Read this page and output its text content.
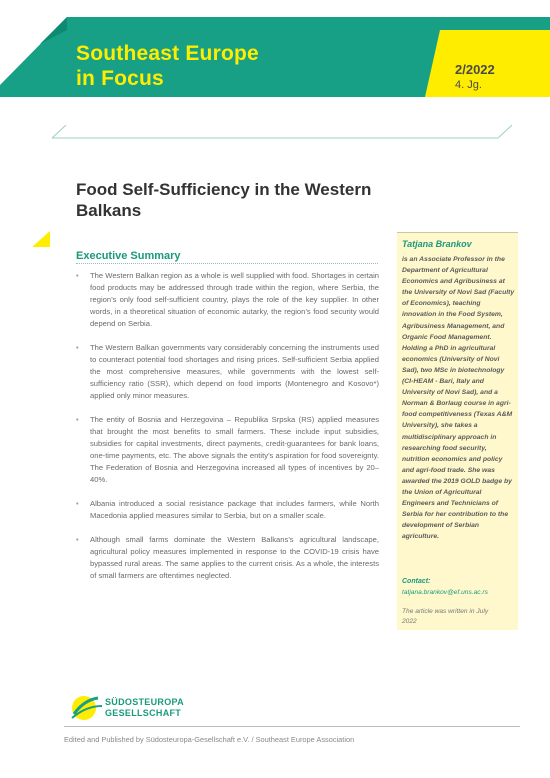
Southeast Europe
in Focus	2/2022
4. Jg.
Food Self-Sufficiency in the Western
Balkans
Executive Summary
• The Western Balkan region as a whole is well supplied with food. Shortages in certain food products may be addressed through trade within the region, where Serbia, the region’s only food self-sufficient country, plays the role of the key supplier. In other words, in a theoretical situation of economic autarky, the region’s food security would depend on Serbia.
• The Western Balkan governments vary considerably concerning the instruments used to counteract potential food shortages and rising prices. Self-sufficient Serbia applied the most comprehensive measures, while governments with the lowest self-sufficiency ratio (SSR), which depend on food imports (Montenegro and Kosovo*) applied only minor measures.
• The entity of Bosnia and Herzegovina – Republika Srpska (RS) applied measures that brought the most benefits to small farmers. These include input subsidies, subsidies for capital investments, direct payments, credit-guarantees for bank loans, one-time payments, etc. The above signals the entity’s aspiration for food sovereignty. The Federation of Bosnia and Herzegovina increased all types of incentives by 20–40%.
• Albania introduced a social resistance package that includes farmers, while North Macedonia applied measures similar to Serbia, but on a smaller scale.
• Although small farms dominate the Western Balkans’s agricultural landscape, agricultural policy measures implemented in response to the COVID-19 crisis have bypassed rural areas. The same applies to the current crisis. As a whole, the interests of small farmers are oftentimes neglected.
Tatjana Brankov

is an Associate Professor in the Department of Agricultural Economics and Agribusiness at the University of Novi Sad (Faculty of Economics), teaching innovation in the Food System, Agribusiness Management, and Organic Food Management. Holding a PhD in agricultural economics (University of Novi Sad), two MSc in biotechnology (CI-HEAM - Bari, Italy and University of Novi Sad), and a Norman & Borlaug course in agri-food competitiveness (Texas A&M University), she takes a multidisciplinary approach in researching food security, nutrition economics and policy and agri-food trade. She was awarded the 2019 GOLD badge by the Union of Agricultural Engineers and Technicians of Serbia for her contribution to the development of Serbian agriculture.

Contact:
tatjana.brankov@ef.uns.ac.rs
The article was written in July 2022
SÜDOSTEUROPA
GESELLSCHAFT
Edited and Published by Südosteuropa-Gesellschaft e.V. / Southeast Europe Association
